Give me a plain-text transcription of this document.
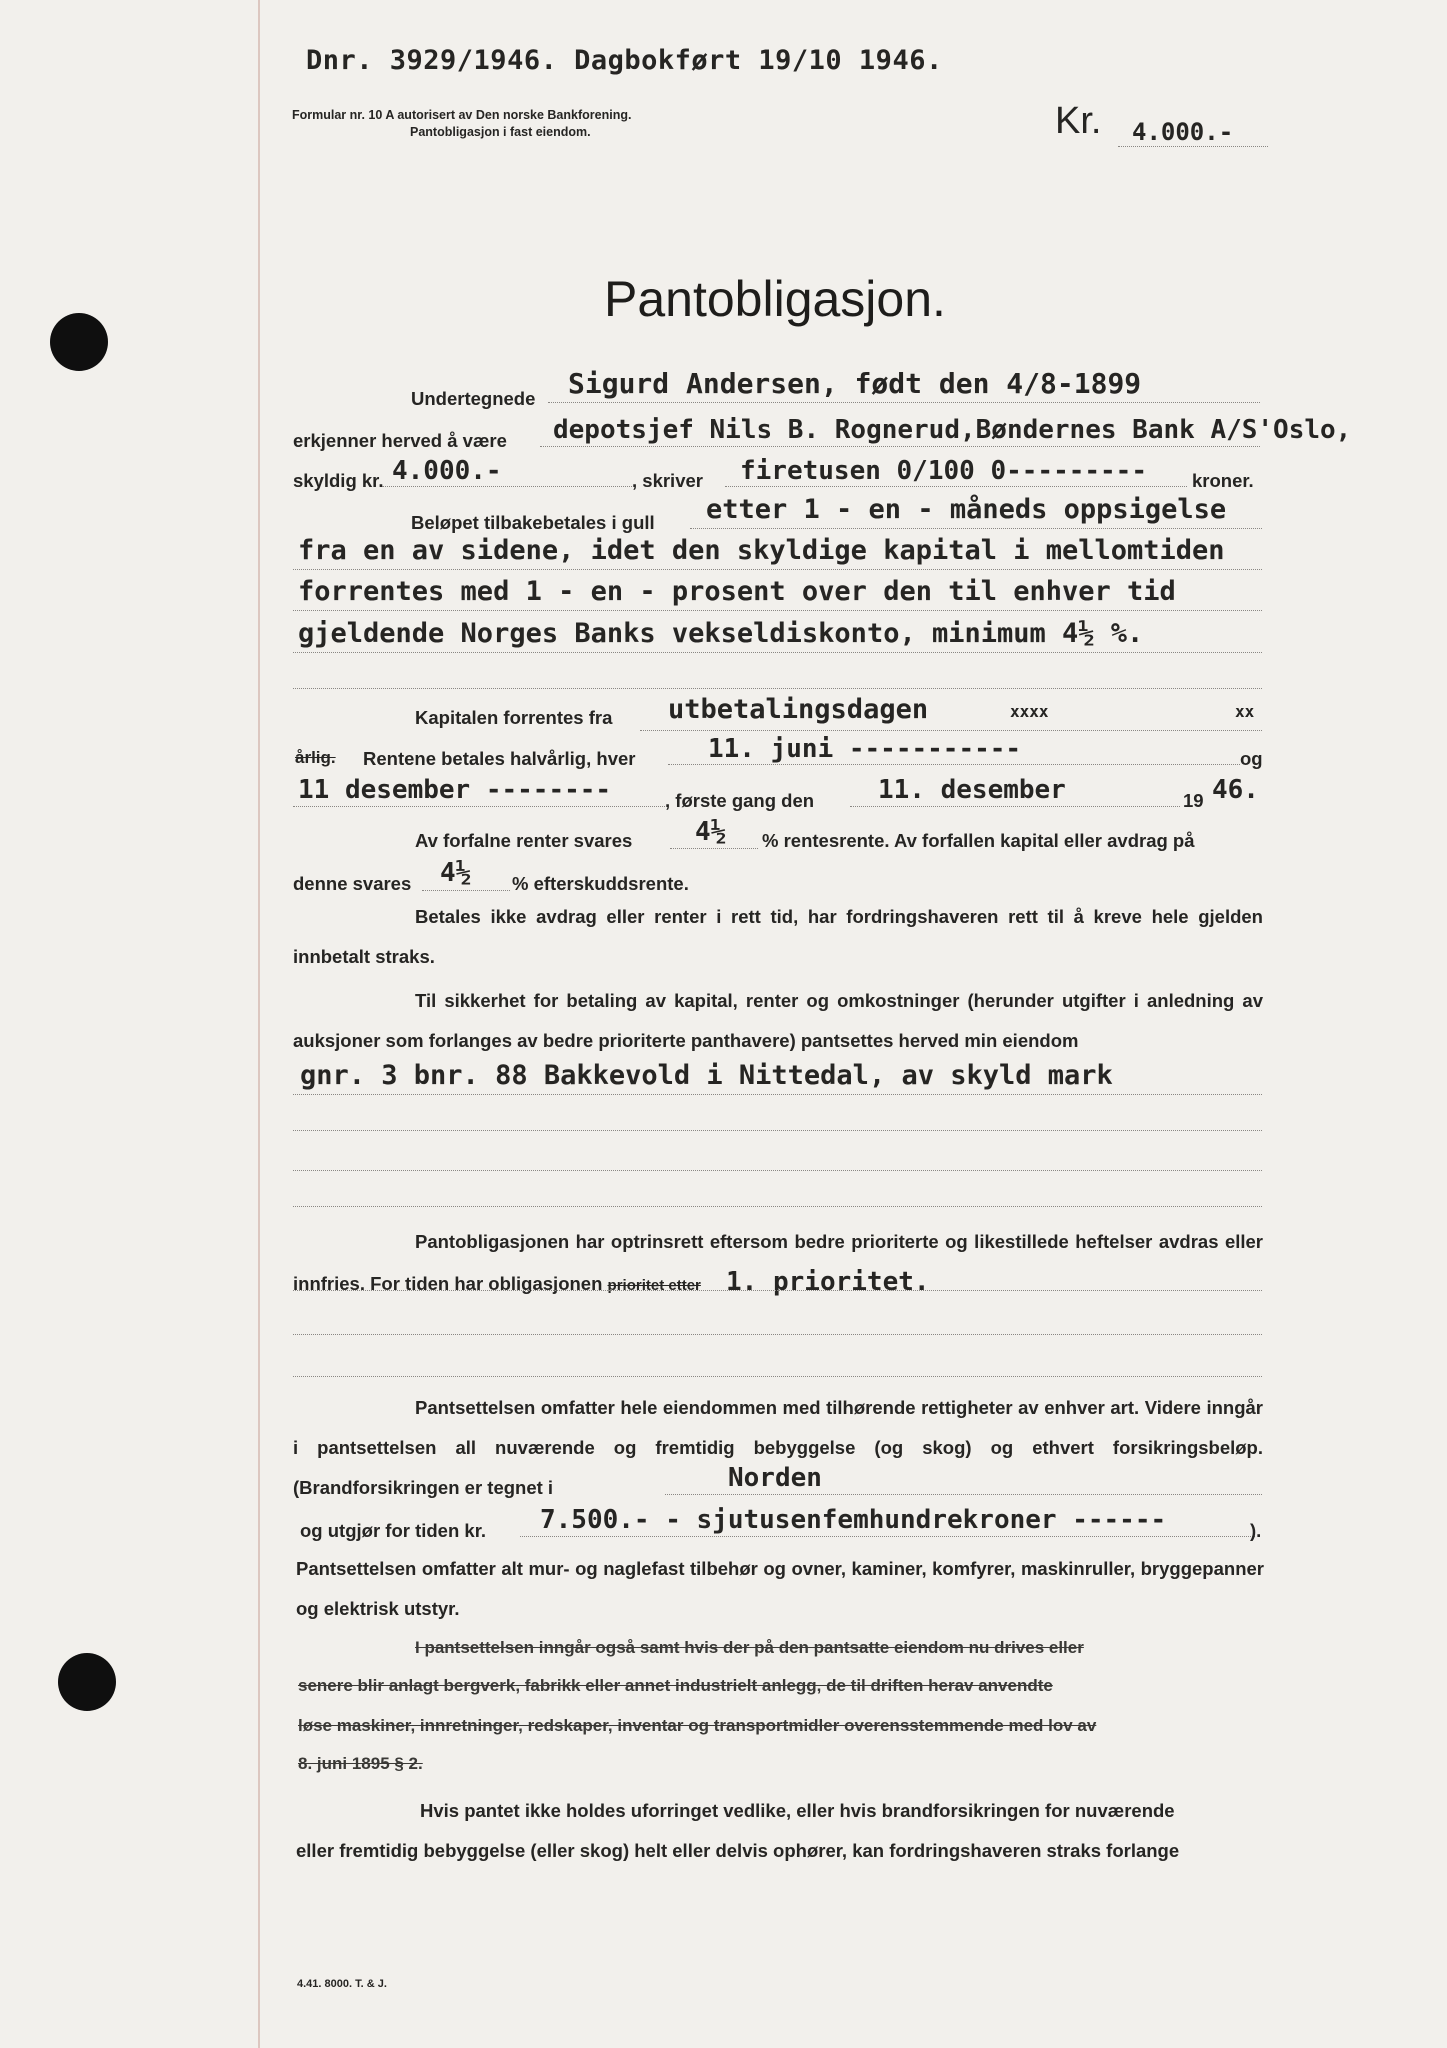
Dnr. 3929/1946. Dagbokført 19/10 1946.
Formular nr. 10 A autorisert av Den norske Bankforening.
Pantobligasjon i fast eiendom.	Kr. 4.000.-
Pantobligasjon.
Undertegnede Sigurd Andersen, født den 4/8-1899
erkjenner herved å være depotsjef Nils B. Rognerud,Bøndernes Bank A/S'Oslo,
skyldig kr. 4.000.-	, skriver firetusen 0/100 0--------- kroner.
Beløpet tilbakebetales i gull etter 1 - en - måneds oppsigelse
fra en av sidene, idet den skyldige kapital i mellomtiden
forrentes med 1 - en - prosent over den til enhver tid
gjeldende Norges Banks vekseldiskonto, minimum 4½ %.
Kapitalen forrentes fra utbetalingsdagen	xxxx	xx
årlig. Rentene betales halvårlig, hver	11. juni -----------	og
11 desember --------	, første gang den 11. desember	19 46.
Av forfalne renter svares 4½ % rentesrente. Av forfallen kapital eller avdrag på
denne svares 4½ % efterskuddsrente.
Betales ikke avdrag eller renter i rett tid, har fordringshaveren rett til å kreve hele gjelden innbetalt straks.
Til sikkerhet for betaling av kapital, renter og omkostninger (herunder utgifter i anledning av auksjoner som forlanges av bedre prioriterte panthavere) pantsettes herved min eiendom
gnr. 3 bnr. 88 Bakkevold i Nittedal, av skyld mark
Pantobligasjonen har optrinsrett eftersom bedre prioriterte og likestillede heftelser avdras eller innfries. For tiden har obligasjonen prioritet etter 1. prioritet.
Pantsettelsen omfatter hele eiendommen med tilhørende rettigheter av enhver art. Videre inngår i pantsettelsen all nuværende og fremtidig bebyggelse (og skog) og ethvert forsikringsbeløp. (Brandforsikringen er tegnet i	Norden
og utgjør for tiden kr. 7.500.- - sjutusenfemhundrekroner ------	).
Pantsettelsen omfatter alt mur- og naglefast tilbehør og ovner, kaminer, komfyrer, maskinruller, bryggepanner og elektrisk utstyr.
I pantsettelsen inngår også samt hvis der på den pantsatte eiendom nu drives eller
senere blir anlagt bergverk, fabrikk eller annet industrielt anlegg, de til driften herav anvendte
løse maskiner, innretninger, redskaper, inventar og transportmidler overensstemmende med lov av
8. juni 1895 § 2.
Hvis pantet ikke holdes uforringet vedlike, eller hvis brandforsikringen for nuværende
eller fremtidig bebyggelse (eller skog) helt eller delvis ophører, kan fordringshaveren straks forlange
4.41. 8000. T. & J.
